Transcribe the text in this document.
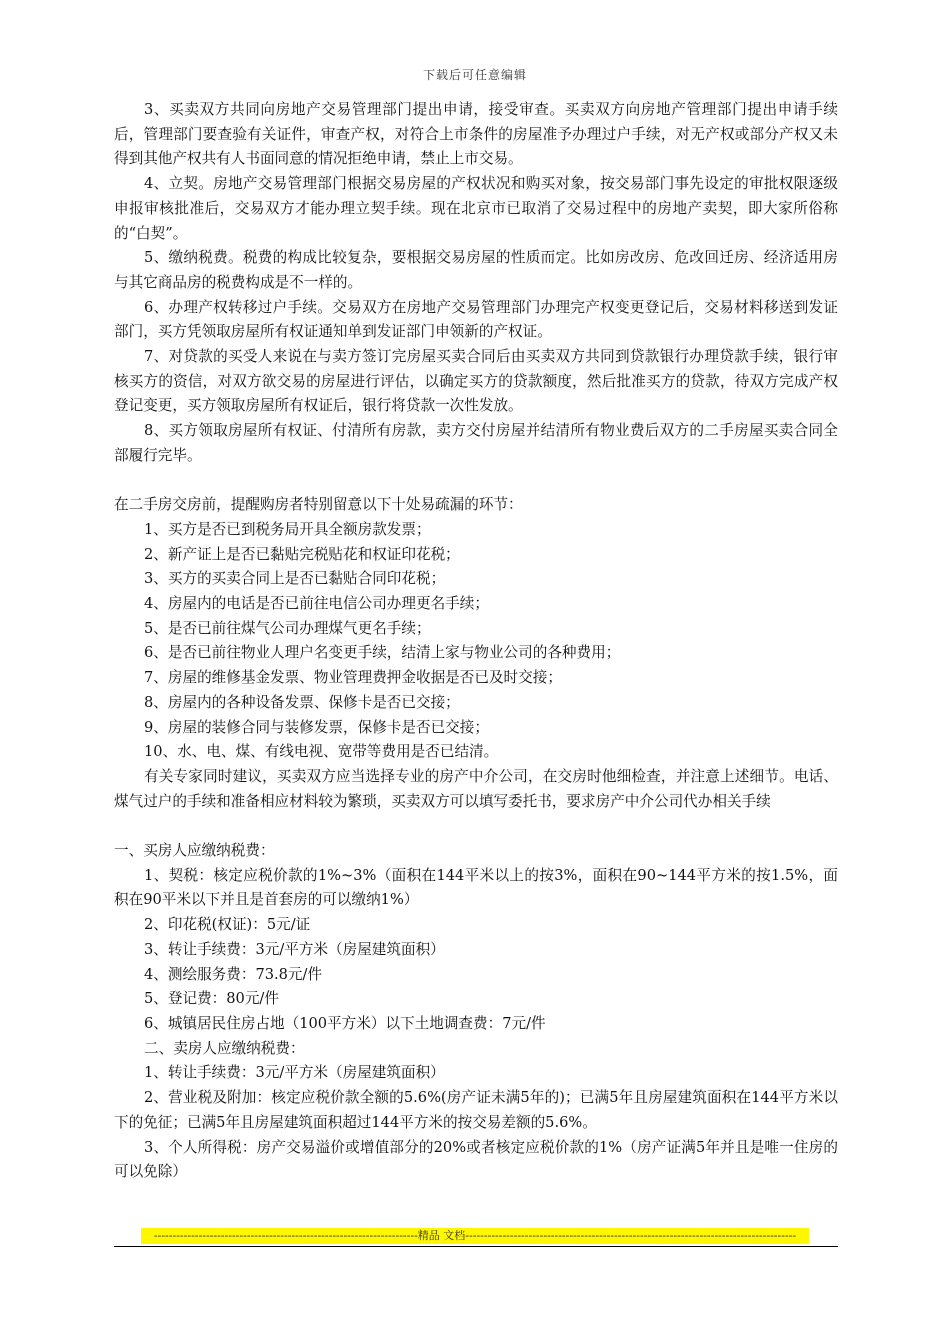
下载后可任意编辑
3、买卖双方共同向房地产交易管理部门提出申请，接受审查。买卖双方向房地产管理部门提出申请手续后，管理部门要查验有关证件，审查产权，对符合上市条件的房屋准予办理过户手续，对无产权或部分产权又未得到其他产权共有人书面同意的情况拒绝申请，禁止上市交易。
4、立契。房地产交易管理部门根据交易房屋的产权状况和购买对象，按交易部门事先设定的审批权限逐级申报审核批准后，交易双方才能办理立契手续。现在北京市已取消了交易过程中的房地产卖契，即大家所俗称的“白契”。
5、缴纳税费。税费的构成比较复杂，要根据交易房屋的性质而定。比如房改房、危改回迁房、经济适用房与其它商品房的税费构成是不一样的。
6、办理产权转移过户手续。交易双方在房地产交易管理部门办理完产权变更登记后，交易材料移送到发证部门，买方凭领取房屋所有权证通知单到发证部门申领新的产权证。
7、对贷款的买受人来说在与卖方签订完房屋买卖合同后由买卖双方共同到贷款银行办理贷款手续，银行审核买方的资信，对双方欲交易的房屋进行评估，以确定买方的贷款额度，然后批准买方的贷款，待双方完成产权登记变更，买方领取房屋所有权证后，银行将贷款一次性发放。
8、买方领取房屋所有权证、付清所有房款，卖方交付房屋并结清所有物业费后双方的二手房屋买卖合同全部履行完毕。
在二手房交房前，提醒购房者特别留意以下十处易疏漏的环节：
1、买方是否已到税务局开具全额房款发票；
2、新产证上是否已黏贴完税贴花和权证印花税；
3、买方的买卖合同上是否已黏贴合同印花税；
4、房屋内的电话是否已前往电信公司办理更名手续；
5、是否已前往煤气公司办理煤气更名手续；
6、是否已前往物业人理户名变更手续，结清上家与物业公司的各种费用；
7、房屋的维修基金发票、物业管理费押金收据是否已及时交接；
8、房屋内的各种设备发票、保修卡是否已交接；
9、房屋的装修合同与装修发票，保修卡是否已交接；
10、水、电、煤、有线电视、宽带等费用是否已结清。
有关专家同时建议，买卖双方应当选择专业的房产中介公司，在交房时他细检查，并注意上述细节。电话、煤气过户的手续和准备相应材料较为繁琐，买卖双方可以填写委托书，要求房产中介公司代办相关手续
一、买房人应缴纳税费：
1、契税：核定应税价款的1%~3%（面积在144平米以上的按3%，面积在90~144平方米的按1.5%，面积在90平米以下并且是首套房的可以缴纳1%）
2、印花税(权证)：5元/证
3、转让手续费：3元/平方米（房屋建筑面积）
4、测绘服务费：73.8元/件
5、登记费：80元/件
6、城镇居民住房占地（100平方米）以下土地调查费：7元/件
二、卖房人应缴纳税费：
1、转让手续费：3元/平方米（房屋建筑面积）
2、营业税及附加：核定应税价款全额的5.6%(房产证未满5年的)；已满5年且房屋建筑面积在144平方米以下的免征；已满5年且房屋建筑面积超过144平方米的按交易差额的5.6%。
3、个人所得税：房产交易溢价或增值部分的20%或者核定应税价款的1%（房产证满5年并且是唯一住房的可以免除）
-----------------------------------------------------------------------精品 文档-----------------------------------------------------------------------------------------
